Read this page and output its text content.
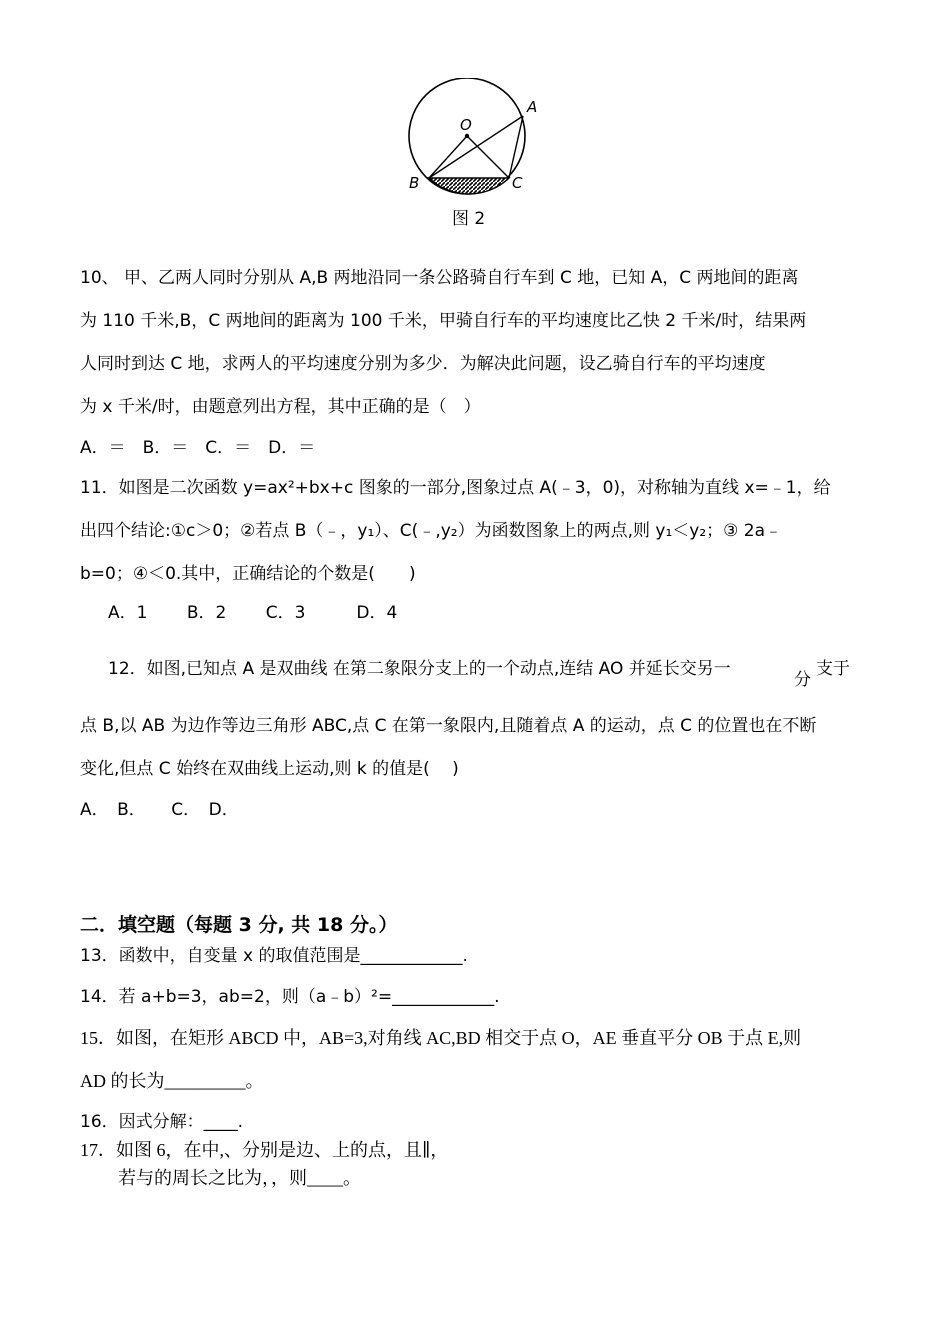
O
A
B	C
图 2
10、 甲、乙两人同时分别从 A,B 两地沿同一条公路骑自行车到 C 地，已知 A，C 两地间的距离
为 110 千米,B，C 两地间的距离为 100 千米，甲骑自行车的平均速度比乙快 2 千米/时，结果两
人同时到达 C 地，求两人的平均速度分别为多少．为解决此问题，设乙骑自行车的平均速度
为 x 千米/时，由题意列出方程，其中正确的是（　）
A．＝　B．＝　C．＝　D．＝
11．如图是二次函数 y=ax²+bx+c 图象的一部分,图象过点 A(﹣3，0)，对称轴为直线 x=﹣1，给
出四个结论:①c＞0；②若点 B（﹣，y₁）、C(﹣,y₂）为函数图象上的两点,则 y₁＜y₂；③ 2a﹣
b=0；④＜0.其中，正确结论的个数是(　　)
A．1　　 B．2　　 C．3　　　D．4
12．如图,已知点 A 是双曲线 在第二象限分支上的一个动点,连结 AO 并延长交另一
分
支于
点 B,以 AB 为边作等边三角形 ABC,点 C 在第一象限内,且随着点 A 的运动，点 C 的位置也在不断
变化,但点 C 始终在双曲线上运动,则 k 的值是(　 )
A．　B．　　C．　D．
二．填空题（每题 3 分, 共 18 分。）
13．函数中，自变量 x 的取值范围是____________.
14．若 a+b=3，ab=2，则（a﹣b）²=____________.
15．如图，在矩形 ABCD 中，AB=3,对角线 AC,BD 相交于点 O，AE 垂直平分 OB 于点 E,则
AD 的长为_________。
16．因式分解：____.
17．如图 6，在中,、分别是边、上的点，且∥，
若与的周长之比为，，则____。
